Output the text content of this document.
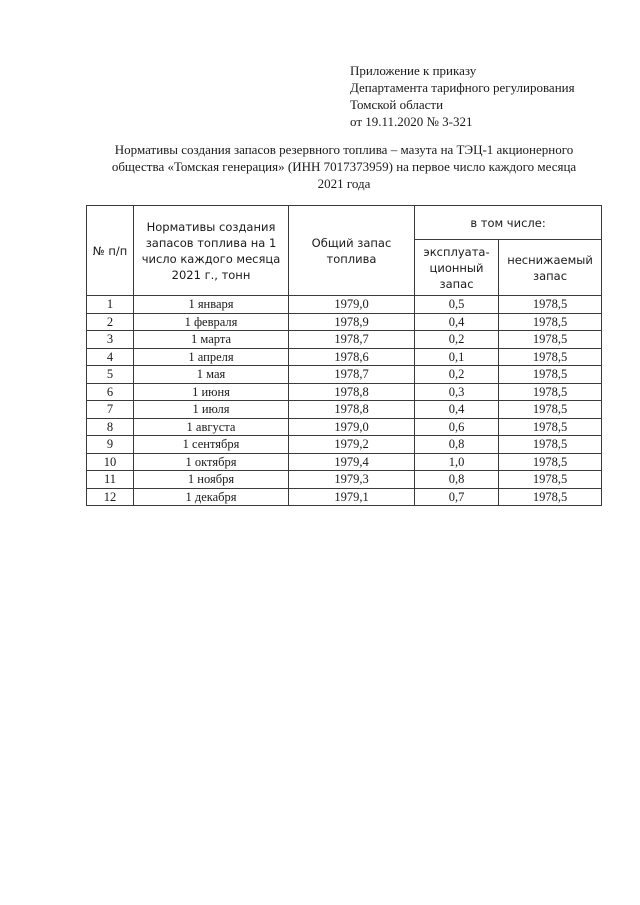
Приложение к приказу
Департамента тарифного регулирования
Томской области
от 19.11.2020 № 3-321
Нормативы создания запасов резервного топлива – мазута на ТЭЦ-1 акционерного
общества «Томская генерация» (ИНН 7017373959) на первое число каждого месяца
2021 года
№ п/п	Нормативы создания запасов топлива на 1 число каждого месяца 2021 г., тонн	Общий запас топлива	в том числе:	
			эксплуата-ционный запас	неснижаемый запас
1	1 января	1979,0	0,5	1978,5
2	1 февраля	1978,9	0,4	1978,5
3	1 марта	1978,7	0,2	1978,5
4	1 апреля	1978,6	0,1	1978,5
5	1 мая	1978,7	0,2	1978,5
6	1 июня	1978,8	0,3	1978,5
7	1 июля	1978,8	0,4	1978,5
8	1 августа	1979,0	0,6	1978,5
9	1 сентября	1979,2	0,8	1978,5
10	1 октября	1979,4	1,0	1978,5
11	1 ноября	1979,3	0,8	1978,5
12	1 декабря	1979,1	0,7	1978,5
